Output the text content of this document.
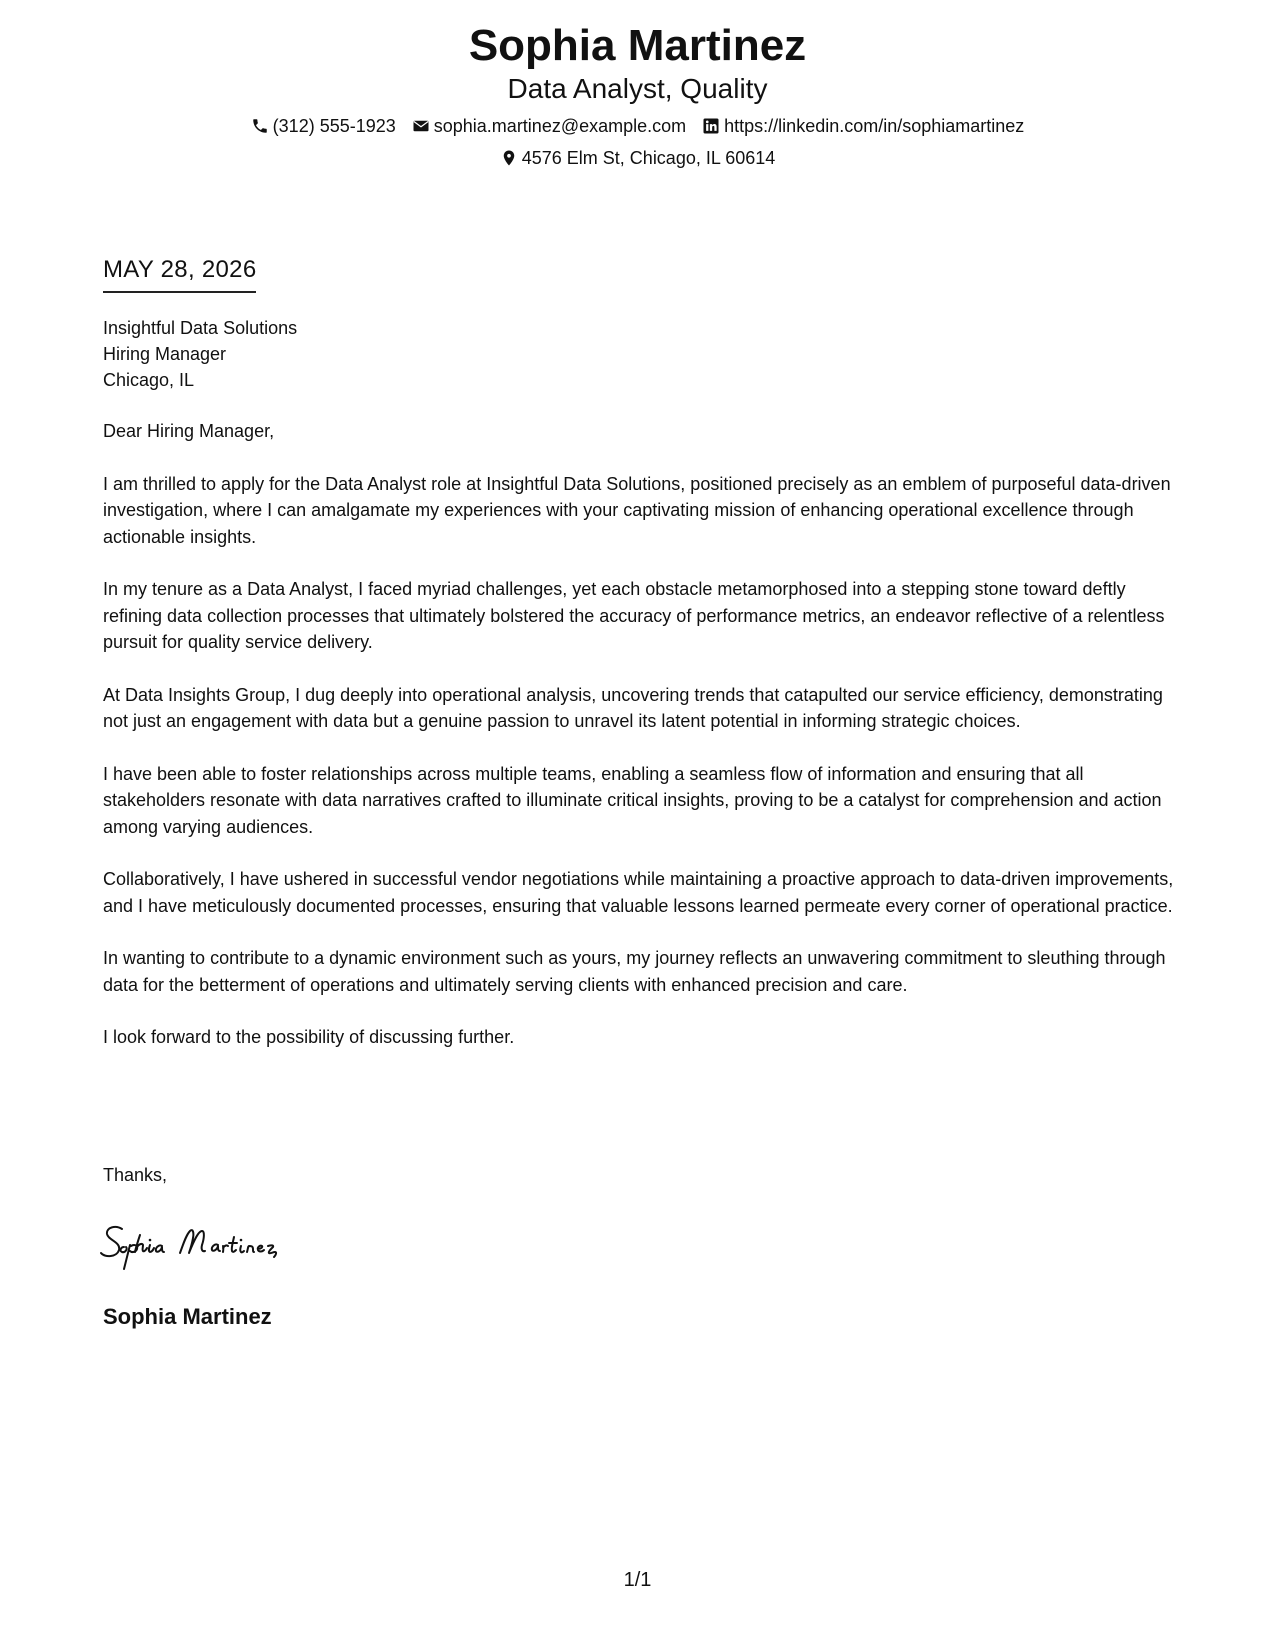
Sophia Martinez
Data Analyst, Quality
(312) 555-1923 sophia.martinez@example.com https://linkedin.com/in/sophiamartinez
4576 Elm St, Chicago, IL 60614
MAY 28, 2026
Insightful Data Solutions
Hiring Manager
Chicago, IL

Dear Hiring Manager,

I am thrilled to apply for the Data Analyst role at Insightful Data Solutions, positioned precisely as an emblem of purposeful data-driven investigation, where I can amalgamate my experiences with your captivating mission of enhancing operational excellence through actionable insights.

In my tenure as a Data Analyst, I faced myriad challenges, yet each obstacle metamorphosed into a stepping stone toward deftly refining data collection processes that ultimately bolstered the accuracy of performance metrics, an endeavor reflective of a relentless pursuit for quality service delivery.

At Data Insights Group, I dug deeply into operational analysis, uncovering trends that catapulted our service efficiency, demonstrating not just an engagement with data but a genuine passion to unravel its latent potential in informing strategic choices.

I have been able to foster relationships across multiple teams, enabling a seamless flow of information and ensuring that all stakeholders resonate with data narratives crafted to illuminate critical insights, proving to be a catalyst for comprehension and action among varying audiences.

Collaboratively, I have ushered in successful vendor negotiations while maintaining a proactive approach to data-driven improvements, and I have meticulously documented processes, ensuring that valuable lessons learned permeate every corner of operational practice.

In wanting to contribute to a dynamic environment such as yours, my journey reflects an unwavering commitment to sleuthing through data for the betterment of operations and ultimately serving clients with enhanced precision and care.

I look forward to the possibility of discussing further.

Thanks,
Sophia Martinez
1/1
